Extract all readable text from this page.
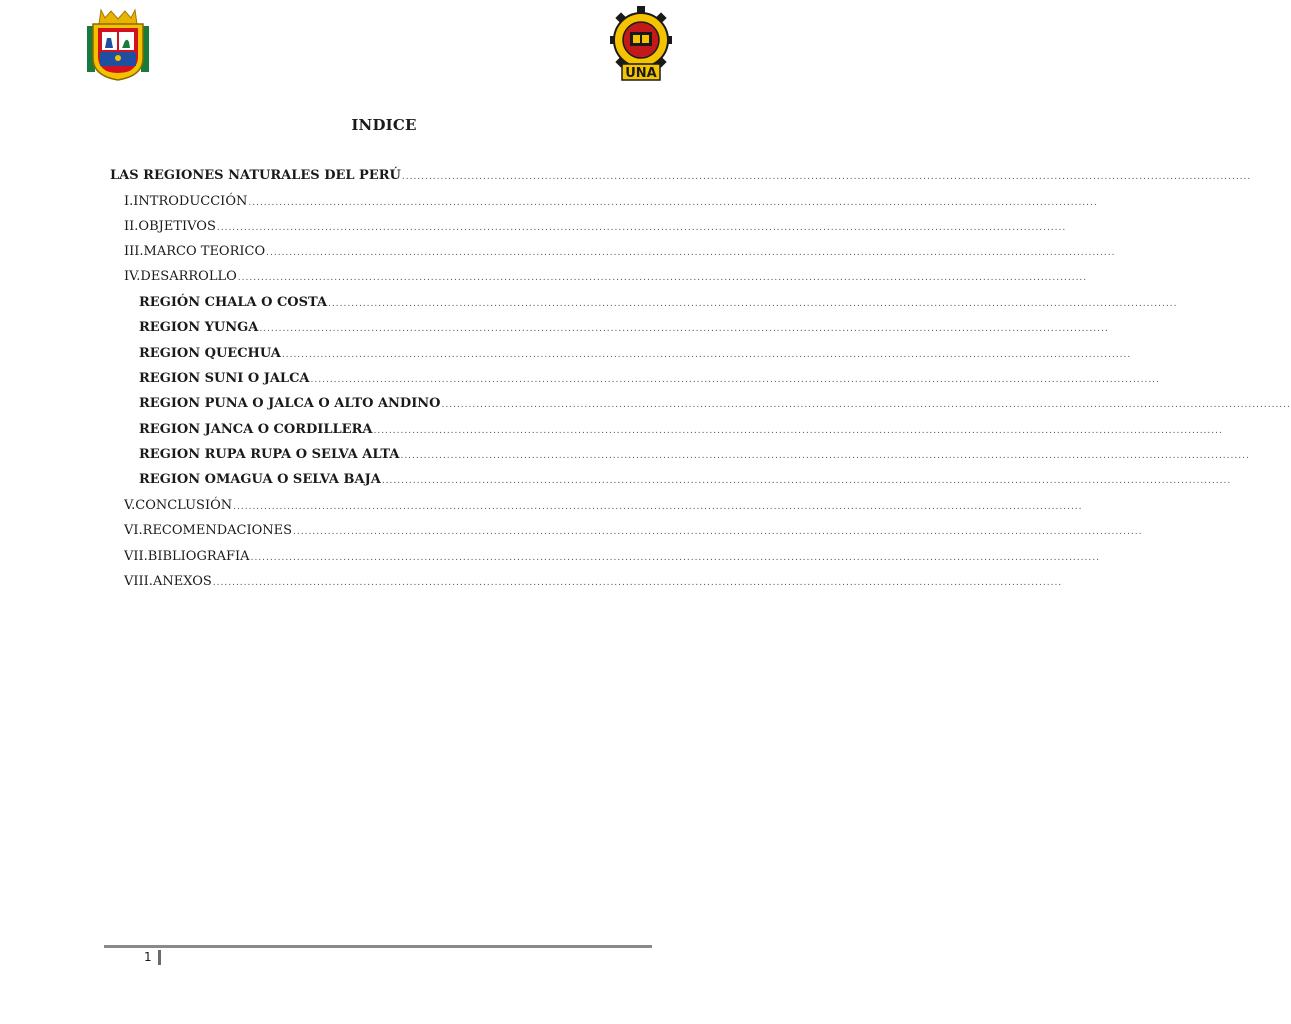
UNA
INDICE
LAS REGIONES NATURALES DEL PERÚ ............................................................................................................................................................................................................................
I. INTRODUCCIÓN ............................................................................................................................................................................................................................
II. OBJETIVOS ............................................................................................................................................................................................................................
III. MARCO TEORICO ............................................................................................................................................................................................................................
IV. DESARROLLO ............................................................................................................................................................................................................................
REGIÓN CHALA O COSTA ............................................................................................................................................................................................................................
REGION YUNGA ............................................................................................................................................................................................................................
REGION QUECHUA ............................................................................................................................................................................................................................
REGION SUNI O JALCA ............................................................................................................................................................................................................................
REGION PUNA O JALCA O ALTO ANDINO ............................................................................................................................................................................................................................
REGION JANCA O CORDILLERA ............................................................................................................................................................................................................................
REGION RUPA RUPA O SELVA ALTA ............................................................................................................................................................................................................................
REGION OMAGUA O SELVA BAJA ............................................................................................................................................................................................................................
V. CONCLUSIÓN ............................................................................................................................................................................................................................
VI. RECOMENDACIONES ............................................................................................................................................................................................................................
VII. BIBLIOGRAFIA ............................................................................................................................................................................................................................
VIII. ANEXOS ............................................................................................................................................................................................................................
1
